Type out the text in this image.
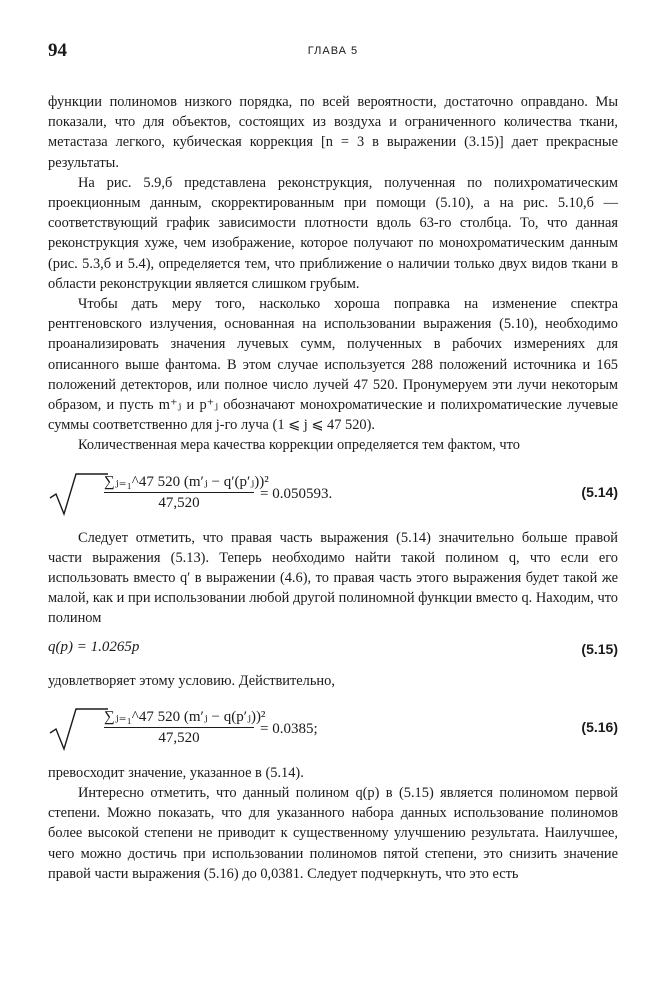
94	ГЛАВА 5

функции полиномов низкого порядка, по всей вероятности, достаточно оправдано. Мы показали, что для объектов, состоящих из воздуха и ограниченного количества ткани, метастаза легкого, кубическая коррекция [n = 3 в выражении (3.15)] дает прекрасные результаты.

На рис. 5.9,б представлена реконструкция, полученная по полихроматическим проекционным данным, скорректированным при помощи (5.10), а на рис. 5.10,б — соответствующий график зависимости плотности вдоль 63-го столбца. То, что данная реконструкция хуже, чем изображение, которое получают по монохроматическим данным (рис. 5.3,б и 5.4), определяется тем, что приближение о наличии только двух видов ткани в области реконструкции является слишком грубым.

Чтобы дать меру того, насколько хороша поправка на изменение спектра рентгеновского излучения, основанная на использовании выражения (5.10), необходимо проанализировать значения лучевых сумм, полученных в рабочих измерениях для описанного выше фантома. В этом случае используется 288 положений источника и 165 положений детекторов, или полное число лучей 47 520. Пронумеруем эти лучи некоторым образом, и пусть m⁺ⱼ и p⁺ⱼ обозначают монохроматические и полихроматические лучевые суммы соответственно для j-го луча (1 ⩽ j ⩽ 47 520).

Количественная мера качества коррекции определяется тем фактом, что

$\frac{\text{∑ⱼ₌₁\textasciicircum{}47 520 (m′ⱼ − q′(p′ⱼ))²}}{47,520} = 0.050593$.	(5.14)

Следует отметить, что правая часть выражения (5.14) значительно больше правой части выражения (5.13). Теперь необходимо найти такой полином q, что если его использовать вместо q′ в выражении (4.6), то правая часть этого выражения будет такой же малой, как и при использовании любой другой полиномной функции вместо q. Находим, что полином

q(p) = 1.0265p	(5.15)

удовлетворяет этому условию. Действительно,

$\frac{\text{∑ⱼ₌₁\textasciicircum{}47 520 (m′ⱼ − q(p′ⱼ))²}}{47,520} = 0.0385$;	(5.16)

превосходит значение, указанное в (5.14).

Интересно отметить, что данный полином q(p) в (5.15) является полиномом первой степени. Можно показать, что для указанного набора данных использование полиномов более высокой степени не приводит к существенному улучшению результата. Наилучшее, чего можно достичь при использовании полиномов пятой степени, это снизить значение правой части выражения (5.16) до 0,0381. Следует подчеркнуть, что это есть
